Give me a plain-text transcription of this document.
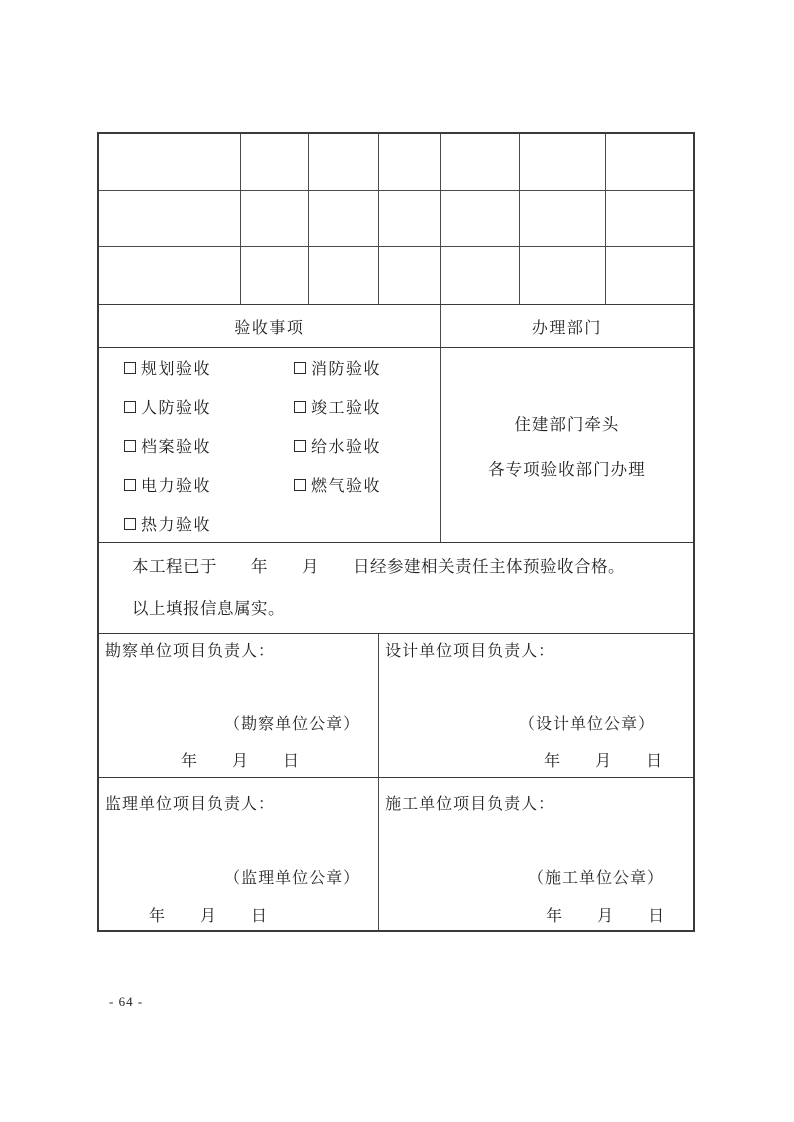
验收事项	办理部门
规划验收
人防验收
档案验收
电力验收
热力验收
消防验收
竣工验收
给水验收
燃气验收
住建部门牵头
各专项验收部门办理
本工程已于　　年　　月　　日经参建相关责任主体预验收合格。
以上填报信息属实。
勘察单位项目负责人：
（勘察单位公章）
年　　月　　日
设计单位项目负责人：
（设计单位公章）
年　　月　　日
监理单位项目负责人：
（监理单位公章）
年　　月　　日
施工单位项目负责人：
（施工单位公章）
年　　月　　日
- 64 -
